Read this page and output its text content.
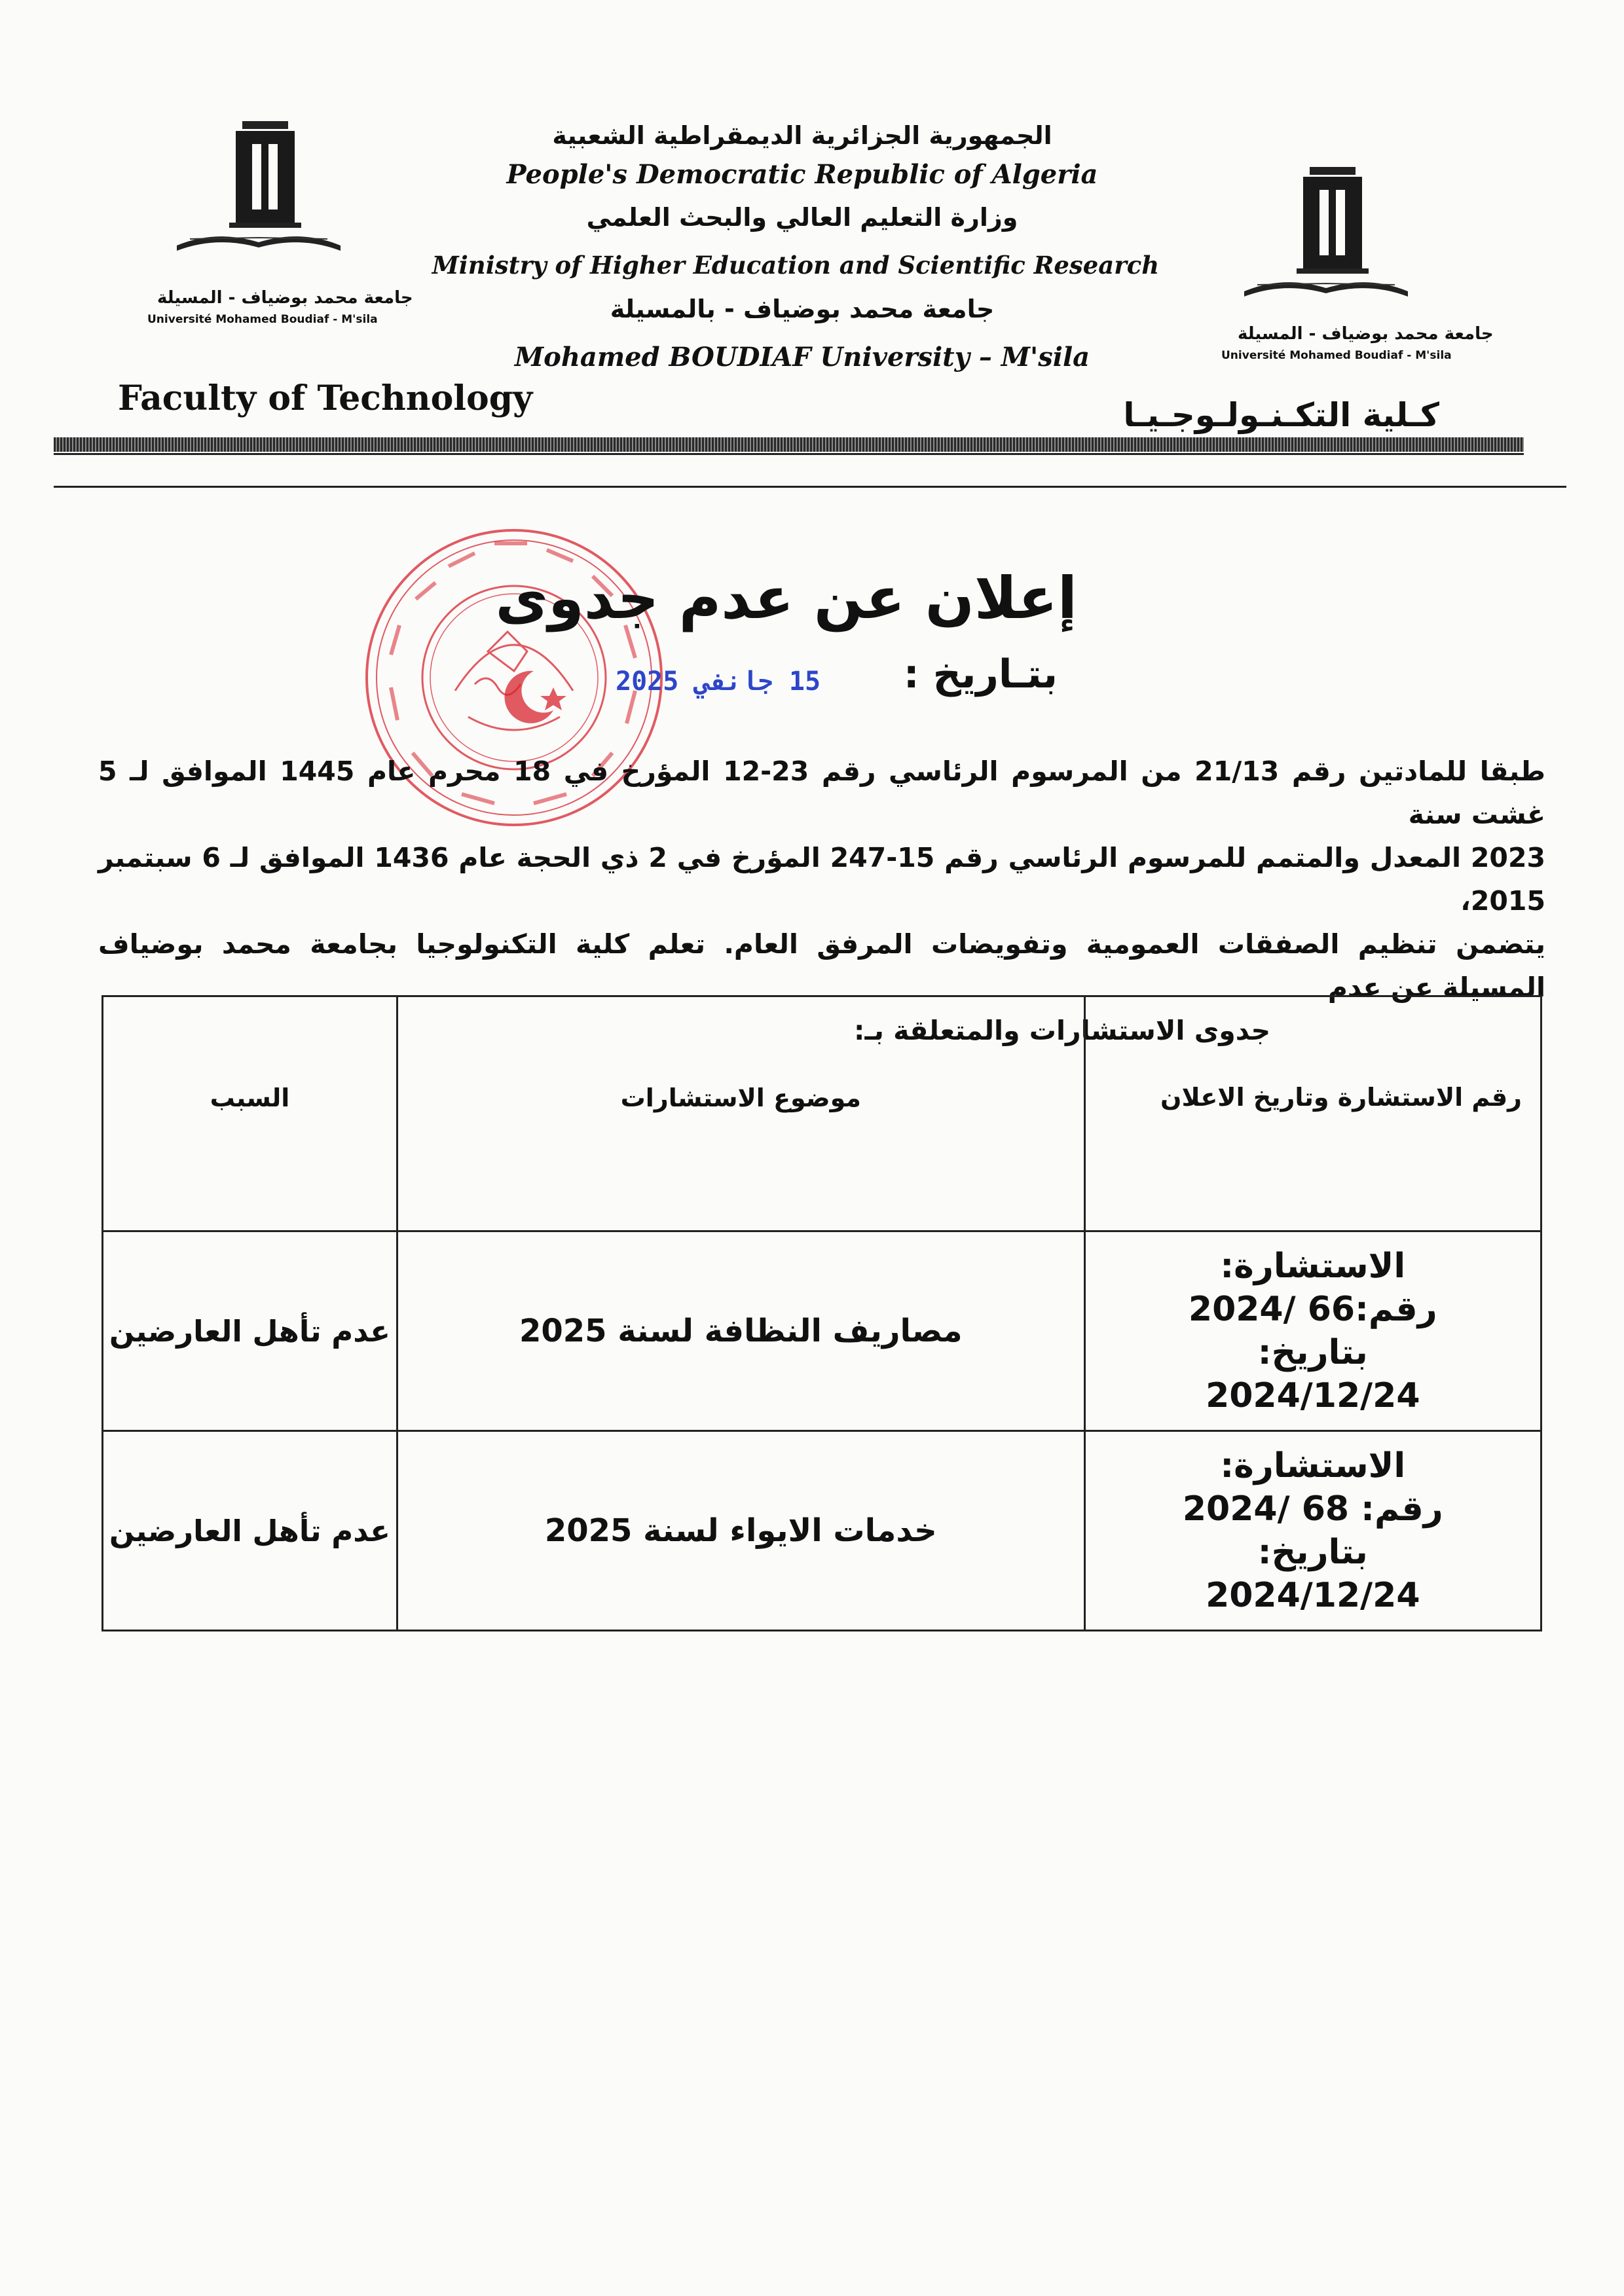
جامعة محمد بوضياف - المسيلة
Université Mohamed Boudiaf - M'sila
جامعة محمد بوضياف - المسيلة
Université Mohamed Boudiaf - M'sila
الجمهورية الجزائرية الديمقراطية الشعبية
People's Democratic Republic of Algeria
وزارة التعليم العالي والبحث العلمي
Ministry of Higher Education and Scientific Research
جامعة محمد بوضياف - بالمسيلة
Mohamed BOUDIAF University – M'sila
Faculty of Technology	كـلية التكـنـولـوجـيـا
إعلان عن عدم جدوى
بتـاريخ :
15 جانفي 2025

طبقا للمادتين رقم 21/13 من المرسوم الرئاسي رقم 23-12 المؤرخ في 18 محرم عام 1445 الموافق لـ 5 غشت سنة

2023 المعدل والمتمم للمرسوم الرئاسي رقم 15-247 المؤرخ في 2 ذي الحجة عام 1436 الموافق لـ 6 سبتمبر 2015،

يتضمن تنظيم الصفقات العمومية وتفويضات المرفق العام. تعلم كلية التكنولوجيا بجامعة محمد بوضياف المسيلة عن عدم

جدوى الاستشارات والمتعلقة بـ:

رقم الاستشارة وتاريخ الاعلان	موضوع الاستشارات	السبب

الاستشارة:
رقم:66 /2024
بتاريخ:
2024/12/24	مصاريف النظافة لسنة 2025	عدم تأهل العارضين

الاستشارة:
رقم: 68 /2024
بتاريخ:
2024/12/24	خدمات الايواء لسنة 2025	عدم تأهل العارضين
